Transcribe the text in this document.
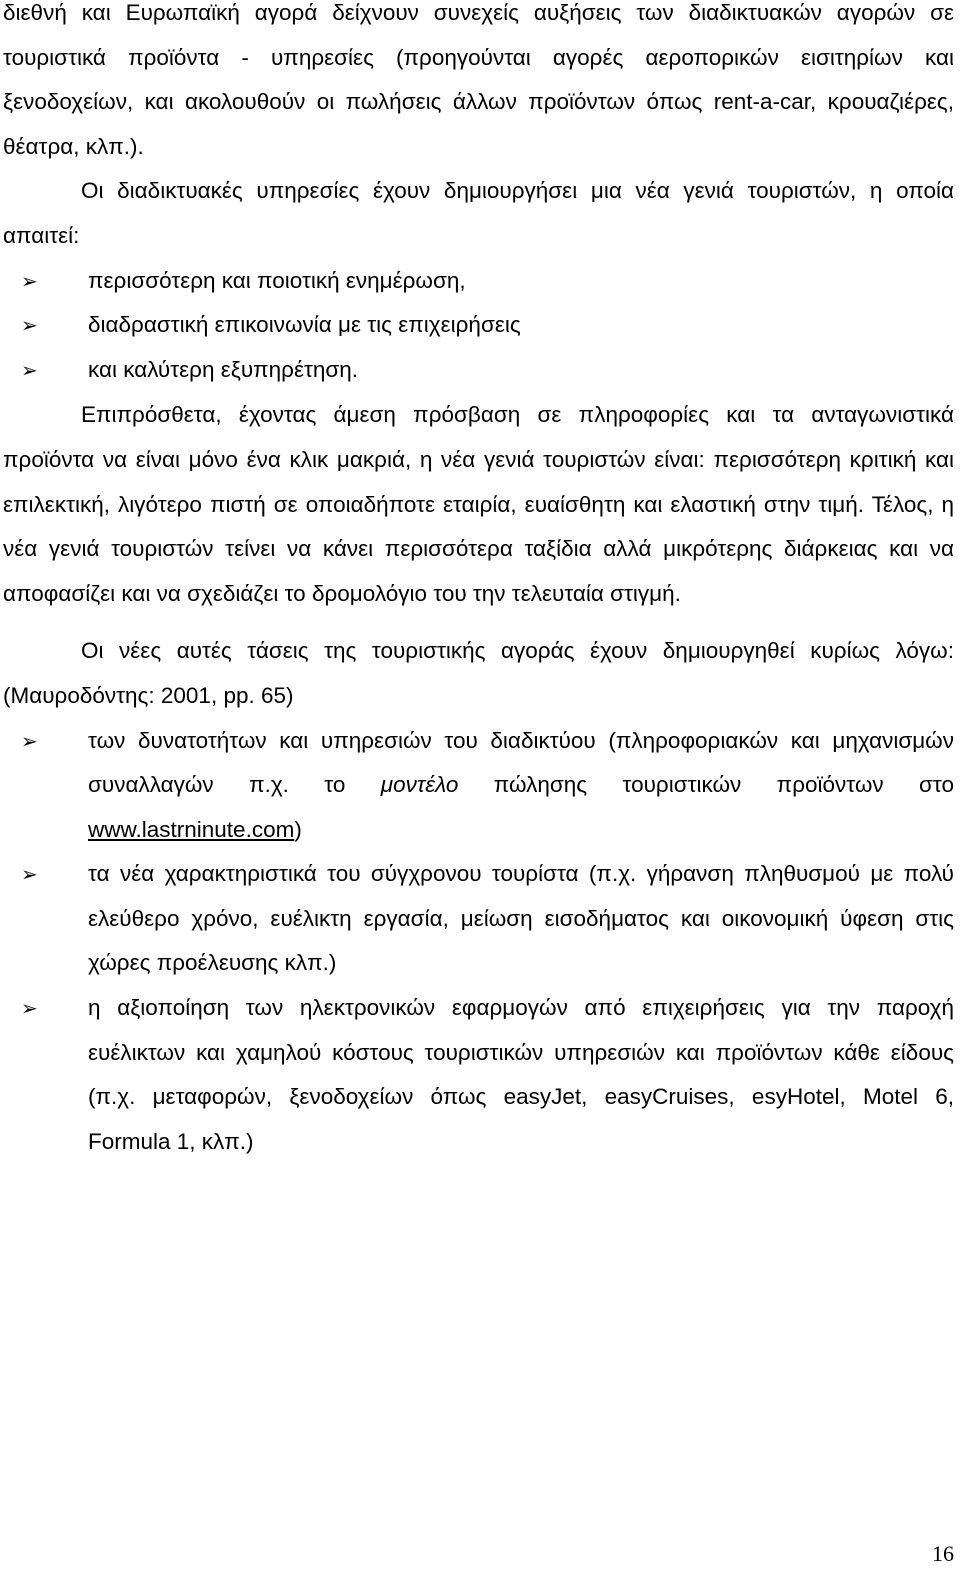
διεθνή και Ευρωπαϊκή αγορά δείχνουν συνεχείς αυξήσεις των διαδικτυακών αγορών σε τουριστικά προϊόντα - υπηρεσίες (προηγούνται αγορές αεροπορικών εισιτηρίων και ξενοδοχείων, και ακολουθούν οι πωλήσεις άλλων προϊόντων όπως rent-a-car, κρουαζιέρες, θέατρα, κλπ.).

Οι διαδικτυακές υπηρεσίες έχουν δημιουργήσει μια νέα γενιά τουριστών, η οποία απαιτεί:

➢ περισσότερη και ποιοτική ενημέρωση,
➢ διαδραστική επικοινωνία με τις επιχειρήσεις
➢ και καλύτερη εξυπηρέτηση.

Επιπρόσθετα, έχοντας άμεση πρόσβαση σε πληροφορίες και τα ανταγωνιστικά προϊόντα να είναι μόνο ένα κλικ μακριά, η νέα γενιά τουριστών είναι: περισσότερη κριτική και επιλεκτική, λιγότερο πιστή σε οποιαδήποτε εταιρία, ευαίσθητη και ελαστική στην τιμή. Τέλος, η νέα γενιά τουριστών τείνει να κάνει περισσότερα ταξίδια αλλά μικρότερης διάρκειας και να αποφασίζει και να σχεδιάζει το δρομολόγιο του την τελευταία στιγμή.

Οι νέες αυτές τάσεις της τουριστικής αγοράς έχουν δημιουργηθεί κυρίως λόγω: (Μαυροδόντης: 2001, pp. 65)

➢ των δυνατοτήτων και υπηρεσιών του διαδικτύου (πληροφοριακών και μηχανισμών συναλλαγών π.χ. το μοντέλο πώλησης τουριστικών προϊόντων στο www.lastrninute.com)
➢ τα νέα χαρακτηριστικά του σύγχρονου τουρίστα (π.χ. γήρανση πληθυσμού με πολύ ελεύθερο χρόνο, ευέλικτη εργασία, μείωση εισοδήματος και οικονομική ύφεση στις χώρες προέλευσης κλπ.)
➢ η αξιοποίηση των ηλεκτρονικών εφαρμογών από επιχειρήσεις για την παροχή ευέλικτων και χαμηλού κόστους τουριστικών υπηρεσιών και προϊόντων κάθε είδους (π.χ. μεταφορών, ξενοδοχείων όπως easyJet, easyCruises, esyHotel, Motel 6, Formula 1, κλπ.)
16
